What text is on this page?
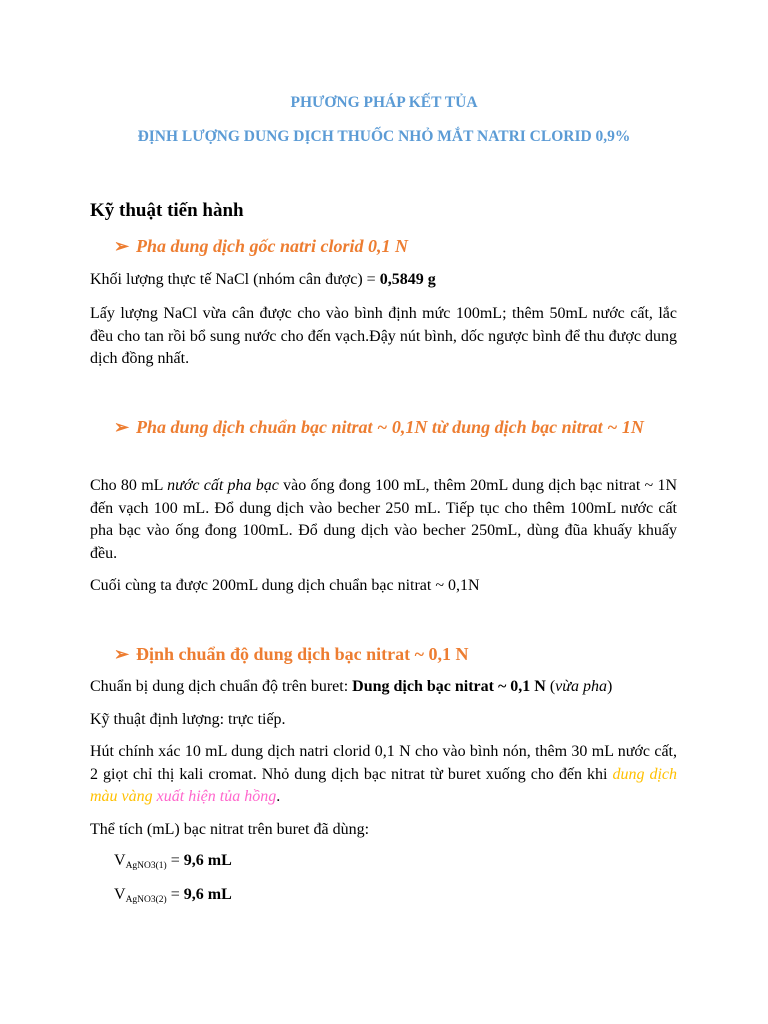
PHƯƠNG PHÁP KẾT TỦA
ĐỊNH LƯỢNG DUNG DỊCH THUỐC NHỎ MẮT NATRI CLORID 0,9%
Kỹ thuật tiến hành
➢ Pha dung dịch gốc natri clorid 0,1 N
Khối lượng thực tế NaCl (nhóm cân được) = 0,5849 g
Lấy lượng NaCl vừa cân được cho vào bình định mức 100mL; thêm 50mL nước cất, lắc đều cho tan rồi bổ sung nước cho đến vạch.Đậy nút bình, dốc ngược bình để thu được dung dịch đồng nhất.
➢ Pha dung dịch chuẩn bạc nitrat ~ 0,1N từ dung dịch bạc nitrat ~ 1N
Cho 80 mL nước cất pha bạc vào ống đong 100 mL, thêm 20mL dung dịch bạc nitrat ~ 1N đến vạch 100 mL. Đổ dung dịch vào becher 250 mL. Tiếp tục cho thêm 100mL nước cất pha bạc vào ống đong 100mL. Đổ dung dịch vào becher 250mL, dùng đũa khuấy khuấy đều.
Cuối cùng ta được 200mL dung dịch chuẩn bạc nitrat ~ 0,1N
➢ Định chuẩn độ dung dịch bạc nitrat ~ 0,1 N
Chuẩn bị dung dịch chuẩn độ trên buret: Dung dịch bạc nitrat ~ 0,1 N (vừa pha)
Kỹ thuật định lượng: trực tiếp.
Hút chính xác 10 mL dung dịch natri clorid 0,1 N cho vào bình nón, thêm 30 mL nước cất, 2 giọt chỉ thị kali cromat. Nhỏ dung dịch bạc nitrat từ buret xuống cho đến khi dung dịch màu vàng xuất hiện tủa hồng.
Thể tích (mL) bạc nitrat trên buret đã dùng:
$V_{AgNO3(1)} = 9,6$ mL
$V_{AgNO3(2)} = 9,6$ mL
